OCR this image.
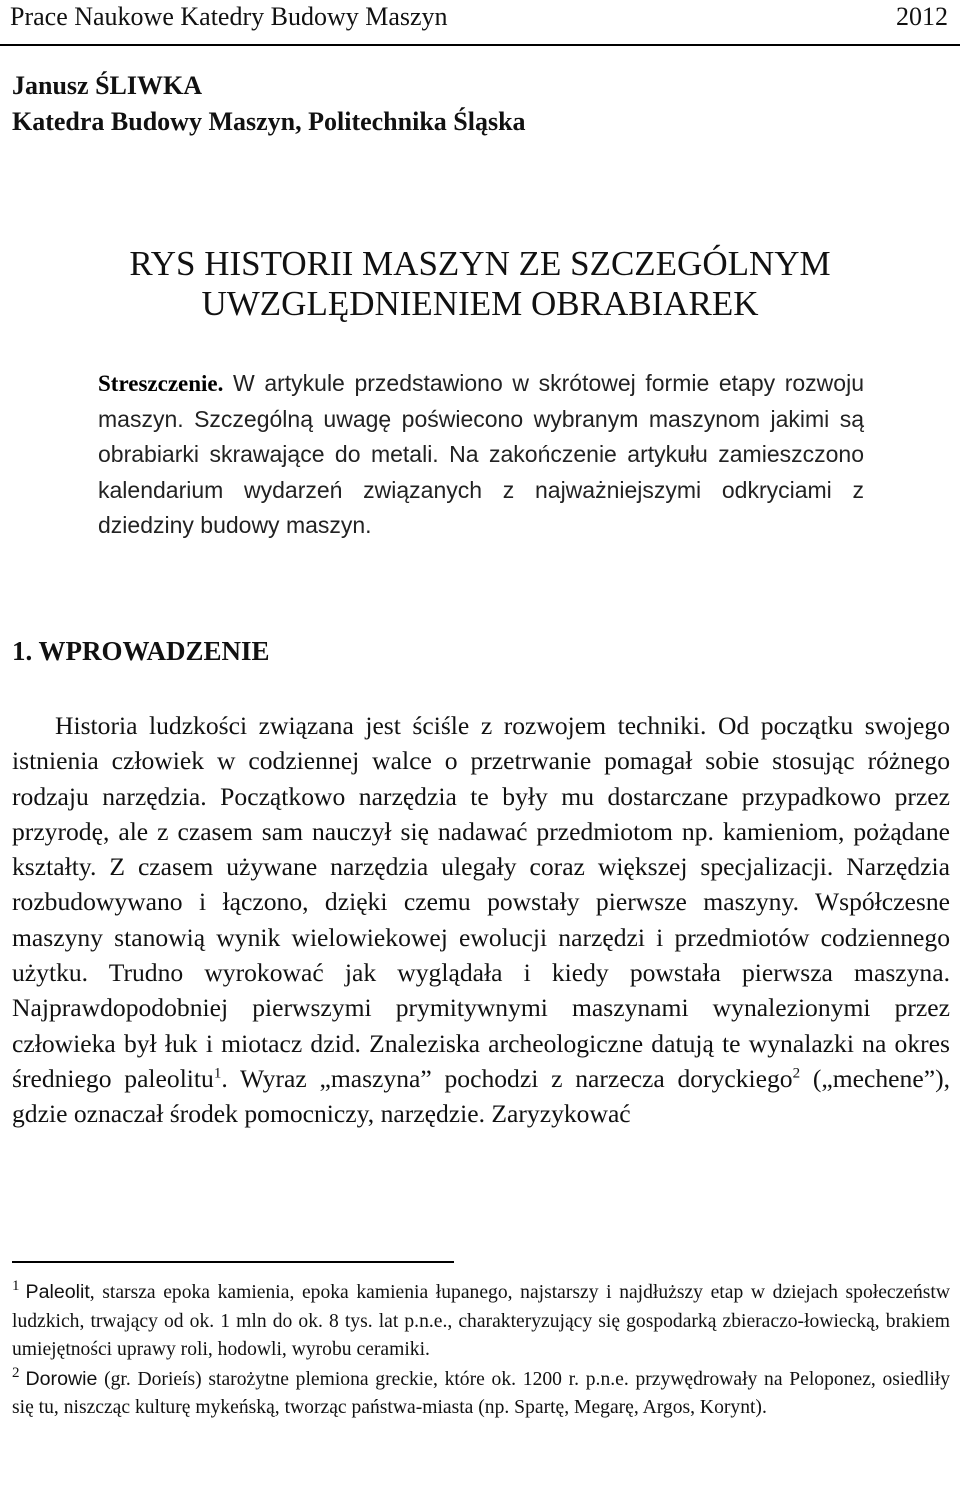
Prace Naukowe Katedry Budowy Maszyn	2012
Janusz ŚLIWKA
Katedra Budowy Maszyn, Politechnika Śląska
RYS HISTORII MASZYN ZE SZCZEGÓLNYM
UWZGLĘDNIENIEM OBRABIAREK
Streszczenie. W artykule przedstawiono w skrótowej formie etapy rozwoju maszyn. Szczególną uwagę poświecono wybranym maszynom jakimi są obrabiarki skrawające do metali. Na zakończenie artykułu zamieszczono kalendarium wydarzeń związanych z najważniejszymi odkryciami z dziedziny budowy maszyn.
1. WPROWADZENIE

Historia ludzkości związana jest ściśle z rozwojem techniki. Od początku swojego istnienia człowiek w codziennej walce o przetrwanie pomagał sobie stosując różnego rodzaju narzędzia. Początkowo narzędzia te były mu dostarczane przypadkowo przez przyrodę, ale z czasem sam nauczył się nadawać przedmiotom np. kamieniom, pożądane kształty. Z czasem używane narzędzia ulegały coraz większej specjalizacji. Narzędzia rozbudowywano i łączono, dzięki czemu powstały pierwsze maszyny. Współczesne maszyny stanowią wynik wielowiekowej ewolucji narzędzi i przedmiotów codziennego użytku. Trudno wyrokować jak wyglądała i kiedy powstała pierwsza maszyna. Najprawdopodobniej pierwszymi prymitywnymi maszynami wynalezionymi przez człowieka był łuk i miotacz dzid. Znaleziska archeologiczne datują te wynalazki na okres średniego paleolitu$^1$. Wyraz „maszyna” pochodzi z narzecza doryckiego$^2$ („mechene”), gdzie oznaczał środek pomocniczy, narzędzie. Zaryzykować

$^1$ Paleolit, starsza epoka kamienia, epoka kamienia łupanego, najstarszy i najdłuższy etap w dziejach społeczeństw ludzkich, trwający od ok. 1 mln do ok. 8 tys. lat p.n.e., charakteryzujący się gospodarką zbieraczo-łowiecką, brakiem umiejętności uprawy roli, hodowli, wyrobu ceramiki.

$^2$ Dorowie (gr. Dorieís) starożytne plemiona greckie, które ok. 1200 r. p.n.e. przywędrowały na Peloponez, osiedliły się tu, niszcząc kulturę mykeńską, tworząc państwa-miasta (np. Spartę, Megarę, Argos, Korynt).
